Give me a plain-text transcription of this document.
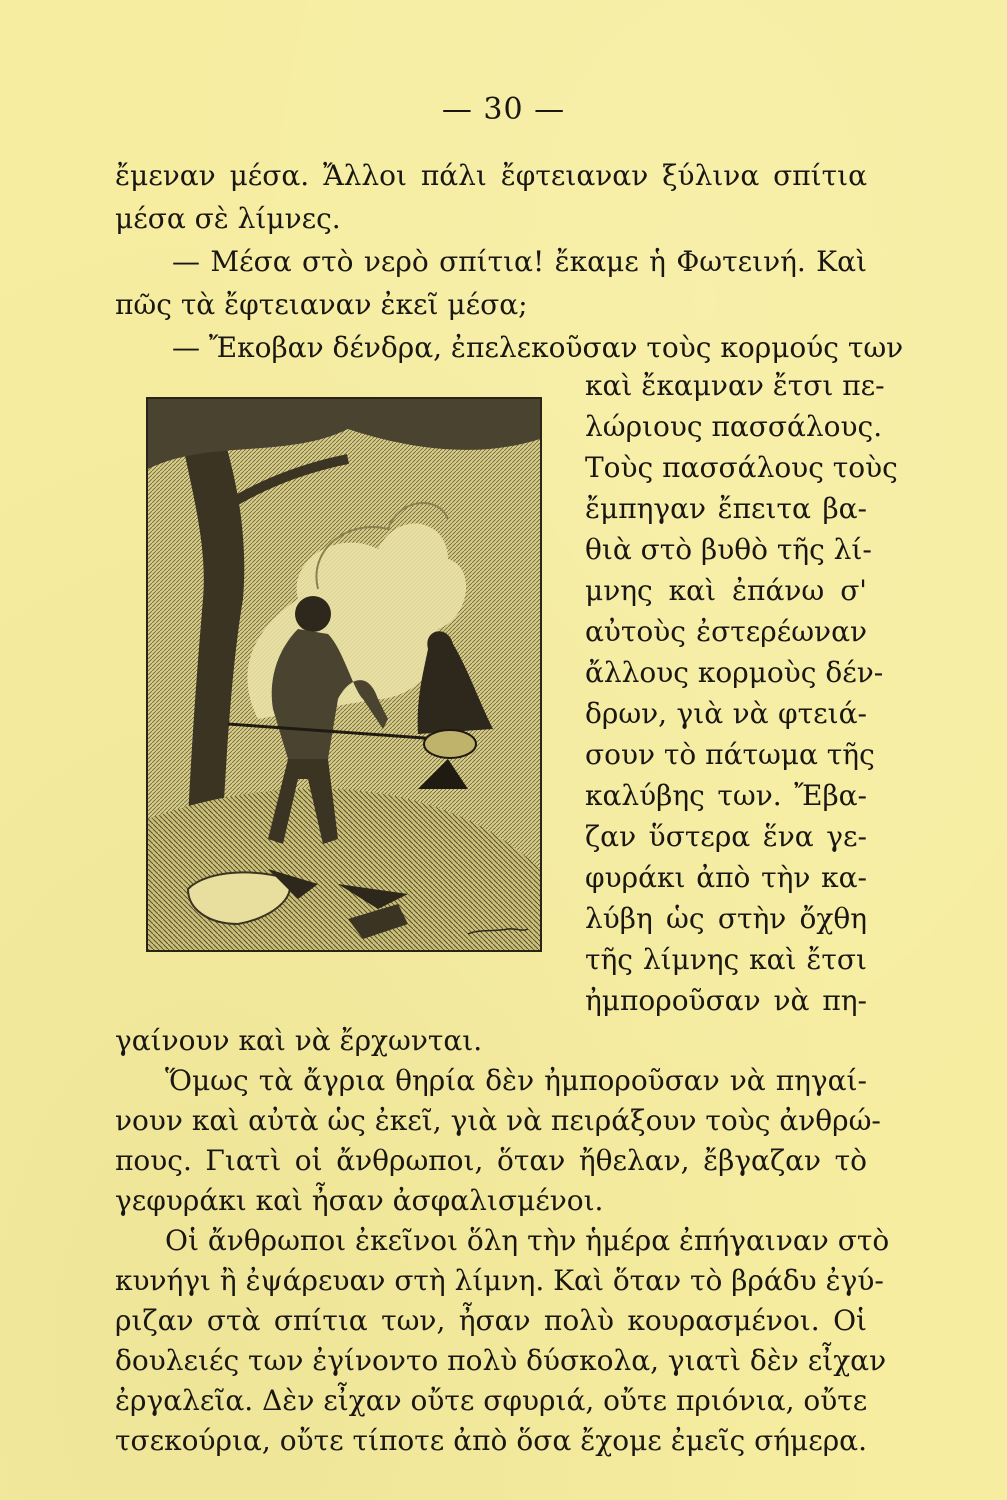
— 30 —
ἔμεναν μέσα. Ἄλλοι πάλι ἔφτειαναν ξύλινα σπίτια
μέσα σὲ λίμνες.
— Μέσα στὸ νερὸ σπίτια! ἔκαμε ἡ Φωτεινή. Καὶ
πῶς τὰ ἔφτειαναν ἐκεῖ μέσα;
— Ἔκοβαν δένδρα, ἐπελεκοῦσαν τοὺς κορμούς των
καὶ ἔκαμναν ἔτσι πε-
λώριους πασσάλους.
Τοὺς πασσάλους τοὺς
ἔμπηγαν ἔπειτα βα-
θιὰ στὸ βυθὸ τῆς λί-
μνης καὶ ἐπάνω σ'
αὐτοὺς ἐστερέωναν
ἄλλους κορμοὺς δέν-
δρων, γιὰ νὰ φτειά-
σουν τὸ πάτωμα τῆς
καλύβης των. Ἔβα-
ζαν ὕστερα ἕνα γε-
φυράκι ἀπὸ τὴν κα-
λύβη ὡς στὴν ὄχθη
τῆς λίμνης καὶ ἔτσι
ἠμποροῦσαν νὰ πη-
γαίνουν καὶ νὰ ἔρχωνται.
Ὅμως τὰ ἄγρια θηρία δὲν ἠμποροῦσαν νὰ πηγαί-
νουν καὶ αὐτὰ ὡς ἐκεῖ, γιὰ νὰ πειράξουν τοὺς ἀνθρώ-
πους. Γιατὶ οἱ ἄνθρωποι, ὅταν ἤθελαν, ἔβγαζαν τὸ
γεφυράκι καὶ ἦσαν ἀσφαλισμένοι.
Οἱ ἄνθρωποι ἐκεῖνοι ὅλη τὴν ἡμέρα ἐπήγαιναν στὸ
κυνήγι ἢ ἐψάρευαν στὴ λίμνη. Καὶ ὅταν τὸ βράδυ ἐγύ-
ριζαν στὰ σπίτια των, ἦσαν πολὺ κουρασμένοι. Οἱ
δουλειές των ἐγίνοντο πολὺ δύσκολα, γιατὶ δὲν εἶχαν
ἐργαλεῖα. Δὲν εἶχαν οὔτε σφυριά, οὔτε πριόνια, οὔτε
τσεκούρια, οὔτε τίποτε ἀπὸ ὅσα ἔχομε ἐμεῖς σήμερα.
